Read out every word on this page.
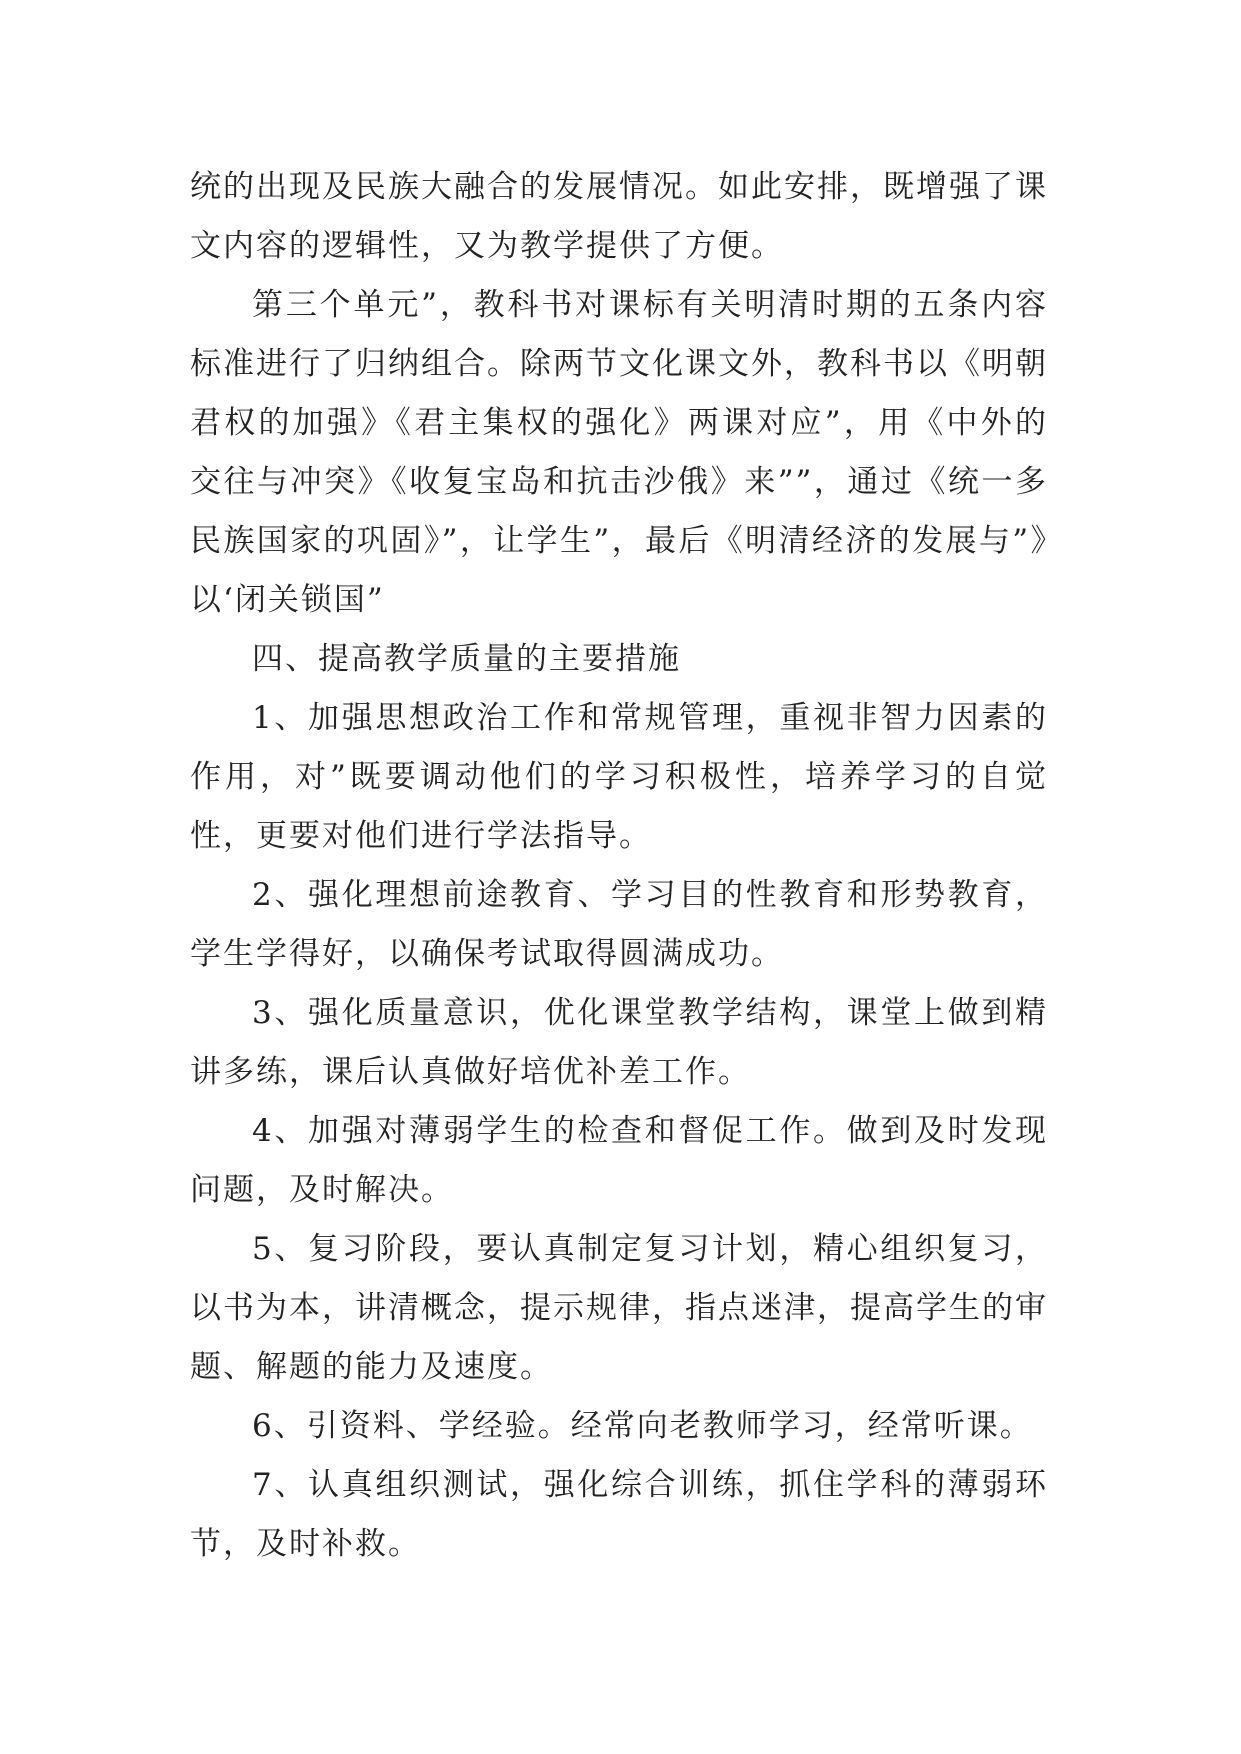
统的出现及民族大融合的发展情况。如此安排，既增强了课文内容的逻辑性，又为教学提供了方便。

第三个单元”，教科书对课标有关明清时期的五条内容标准进行了归纳组合。除两节文化课文外，教科书以《明朝君权的加强》《君主集权的强化》两课对应”，用《中外的交往与冲突》《收复宝岛和抗击沙俄》来””，通过《统一多民族国家的巩固》”，让学生”，最后《明清经济的发展与”》以‘闭关锁国”

四、提高教学质量的主要措施

1、加强思想政治工作和常规管理，重视非智力因素的作用，对”既要调动他们的学习积极性，培养学习的自觉性，更要对他们进行学法指导。

2、强化理想前途教育、学习目的性教育和形势教育，学生学得好，以确保考试取得圆满成功。

3、强化质量意识，优化课堂教学结构，课堂上做到精讲多练，课后认真做好培优补差工作。

4、加强对薄弱学生的检查和督促工作。做到及时发现问题，及时解决。

5、复习阶段，要认真制定复习计划，精心组织复习，以书为本，讲清概念，提示规律，指点迷津，提高学生的审题、解题的能力及速度。

6、引资料、学经验。经常向老教师学习，经常听课。

7、认真组织测试，强化综合训练，抓住学科的薄弱环节，及时补救。
